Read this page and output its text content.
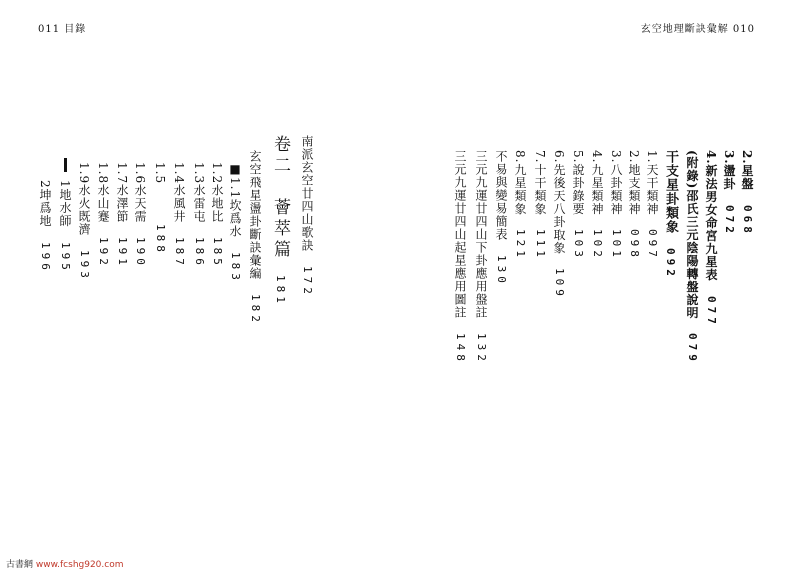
011 目錄	玄空地理斷訣彙解 010
2.星盤068
3.盪卦072
4.新法男女命宮九星表077
(附錄)邵氏三元陰陽轉盤說明079
干支星卦類象092
1.天干類神097
2.地支類神098
3.八卦類神101
4.九星類神102
5.說卦錄要103
6.先後天八卦取象109
7.十干類象111
8.九星類象121
不易與變易簡表130
三元九運廿四山下卦應用盤註132
三元九運廿四山起星應用圖註148
南派玄空廿四山歌訣172
卷二　薈萃篇181
玄空飛星盪卦斷訣彙編182
■1.1坎爲水183
1.2水地比185
1.3水雷屯186
1.4水風井187
1.5188
1.6水天需190
1.7水澤節191
1.8水山蹇192
1.9水火既濟193
1地水師195
2坤爲地196
古書網 www.fcshg920.com
